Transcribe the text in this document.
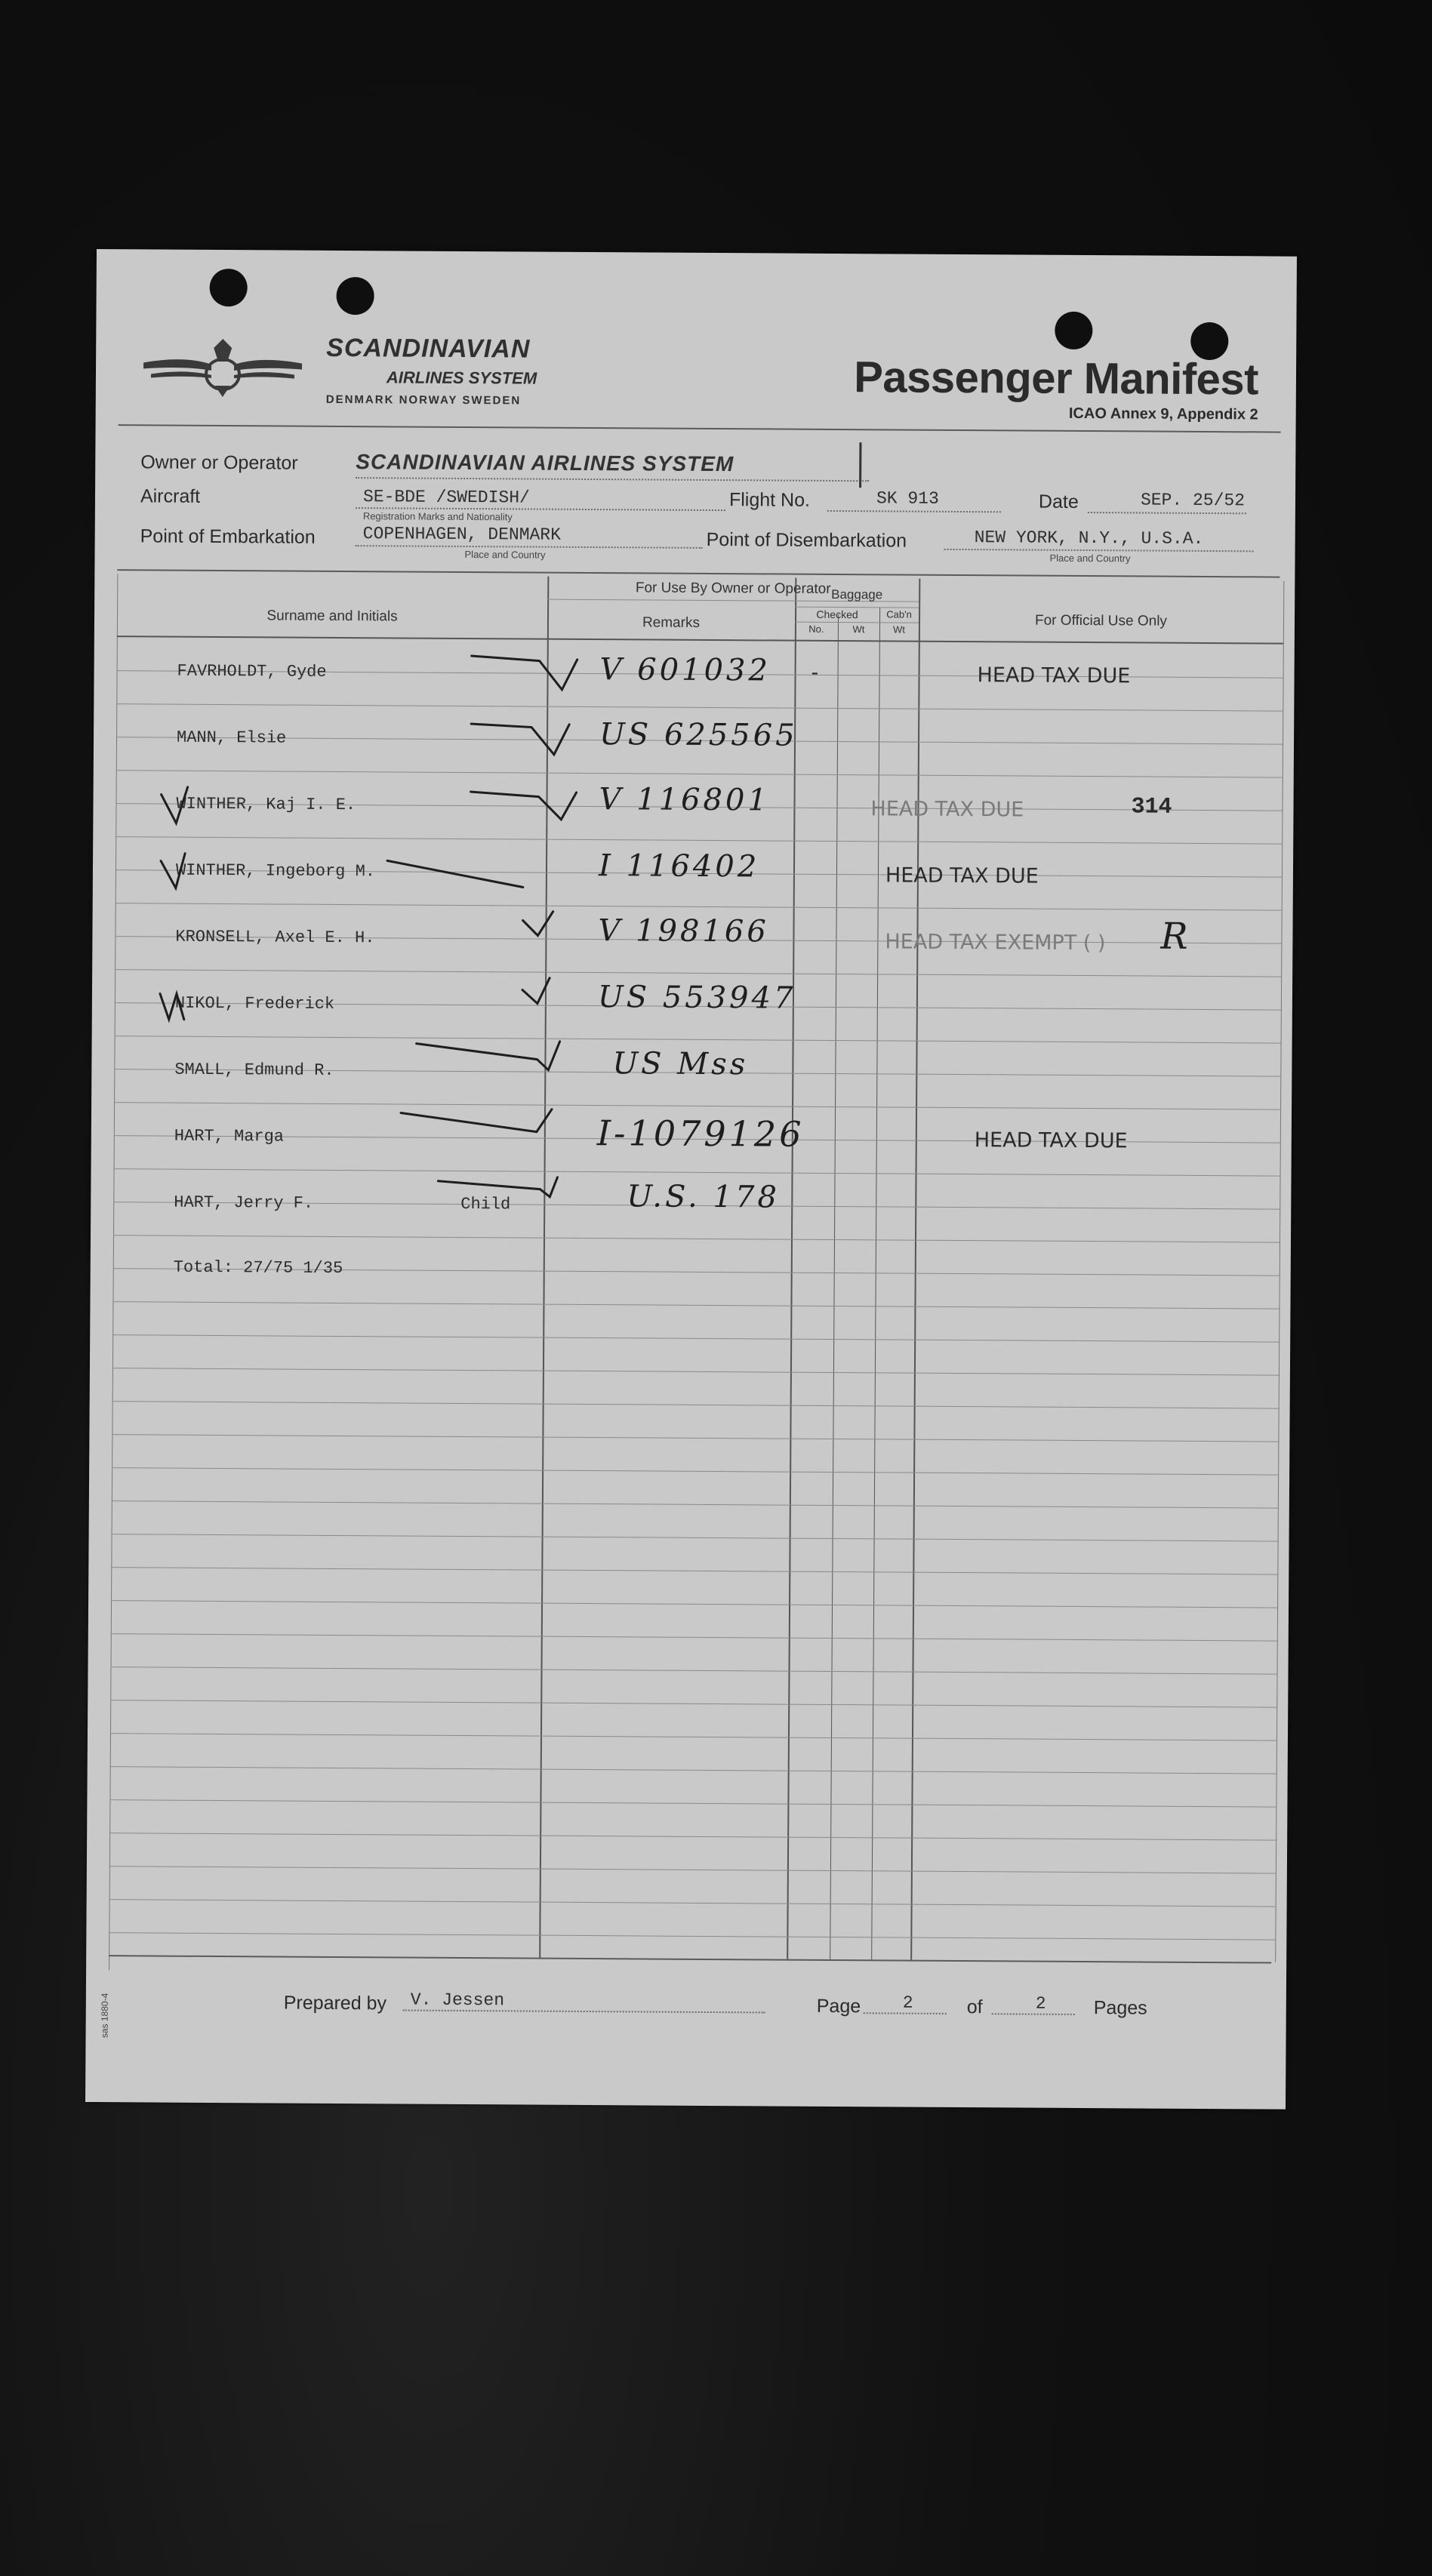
SCANDINAVIAN
AIRLINES SYSTEM
DENMARK NORWAY SWEDEN	Passenger Manifest
ICAO Annex 9, Appendix 2
Owner or Operator	SCANDINAVIAN AIRLINES SYSTEM
Aircraft	SE-BDE /SWEDISH/
Registration Marks and Nationality
Flight No.	SK 913	Date	SEP. 25/52
Point of Embarkation	COPENHAGEN, DENMARK
Place and Country
Point of Disembarkation	NEW YORK, N.Y., U.S.A.
Place and Country
Surname and Initials
For Use By Owner or Operator
Remarks
Baggage
Checked	Cab'n
No.	Wt	Wt
For Official Use Only
FAVRHOLDT, Gyde	V 601032 -	HEAD TAX DUE
MANN, Elsie	US 625565
WINTHER, Kaj I. E.	V 116801	HEAD TAX DUE	314
WINTHER, Ingeborg M.	I 116402	HEAD TAX DUE
KRONSELL, Axel E. H.	V 198166	HEAD TAX EXEMPT ( ) R
NIKOL, Frederick	US 553947
SMALL, Edmund R.	US Mss
HART, Marga	I-1079126	HEAD TAX DUE
HART, Jerry F.	Child	U.S. 178
Total: 27/75 1/35
Prepared by V. Jessen	Page 2	of	2	Pages
sas 1880-4
